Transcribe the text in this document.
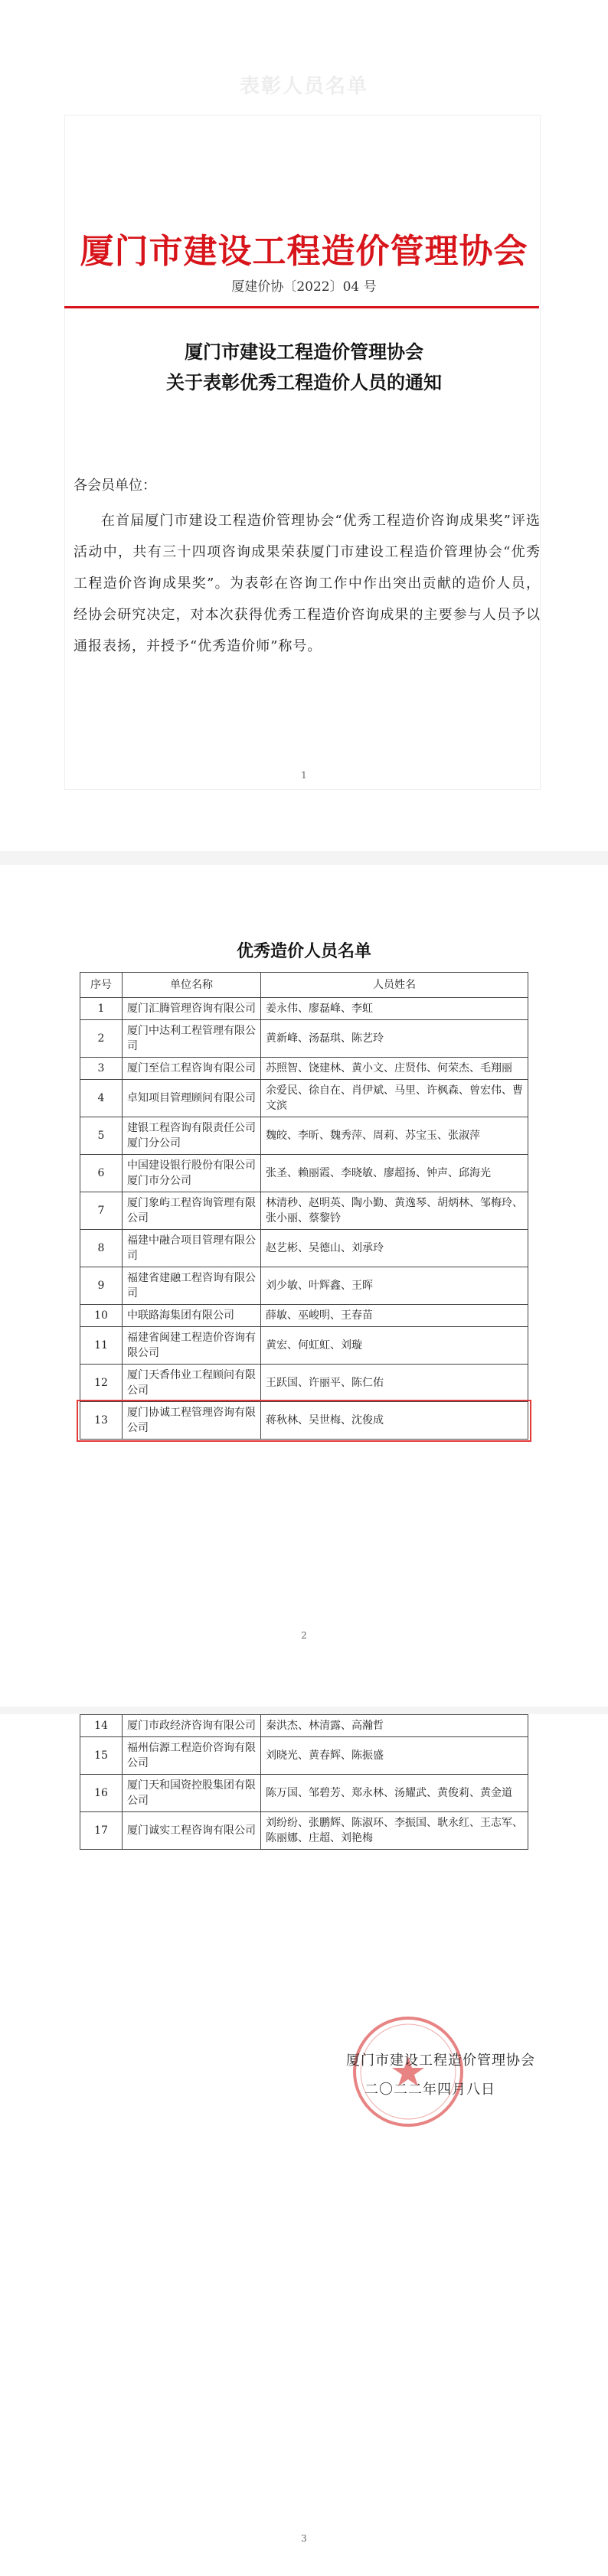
表彰人员名单
厦门市建设工程造价管理协会
厦建价协〔2022〕04 号
厦门市建设工程造价管理协会
关于表彰优秀工程造价人员的通知
各会员单位：
在首届厦门市建设工程造价管理协会“优秀工程造价咨询成果奖”评选活动中，共有三十四项咨询成果荣获厦门市建设工程造价管理协会“优秀工程造价咨询成果奖”。为表彰在咨询工作中作出突出贡献的造价人员，经协会研究决定，对本次获得优秀工程造价咨询成果的主要参与人员予以通报表扬，并授予“优秀造价师”称号。
1
优秀造价人员名单
序号	单位名称	人员姓名
1	厦门汇腾管理咨询有限公司	姜永伟、廖磊峰、李虹
2	厦门中达利工程管理有限公司	黄新峰、汤磊琪、陈艺玲
3	厦门至信工程咨询有限公司	苏照智、饶建林、黄小文、庄贤伟、何荣杰、毛翔丽
4	卓知项目管理顾问有限公司	余爱民、徐自在、肖伊斌、马里、许枫森、曾宏伟、曹文滨
5	建银工程咨询有限责任公司厦门分公司	魏皎、李昕、魏秀萍、周莉、苏宝玉、张淑萍
6	中国建设银行股份有限公司厦门市分公司	张圣、赖丽霞、李晓敏、廖超扬、钟声、邱海光
7	厦门象屿工程咨询管理有限公司	林清秒、赵明英、陶小勤、黄逸琴、胡炳林、邹梅玲、张小丽、蔡黎钤
8	福建中融合项目管理有限公司	赵艺彬、吴德山、刘承玲
9	福建省建融工程咨询有限公司	刘少敏、叶辉鑫、王晖
10	中联路海集团有限公司	薛敏、巫峻明、王春苗
11	福建省闽建工程造价咨询有限公司	黄宏、何虹虹、刘璇
12	厦门天香伟业工程顾问有限公司	王跃国、许丽平、陈仁佑
13	厦门协诚工程管理咨询有限公司	蒋秋林、吴世梅、沈俊成
2
14	厦门市政经济咨询有限公司	秦洪杰、林清露、高瀚哲
15	福州信源工程造价咨询有限公司	刘晓光、黄春辉、陈振盛
16	厦门天和国资控股集团有限公司	陈万国、邹碧芳、郑永林、汤耀武、黄俊莉、黄金道
17	厦门诚实工程咨询有限公司	刘纷纷、张鹏辉、陈淑环、李振国、耿永红、王志军、陈丽娜、庄超、刘艳梅
厦门市建设工程造价管理协会
二〇二二年四月八日
3
